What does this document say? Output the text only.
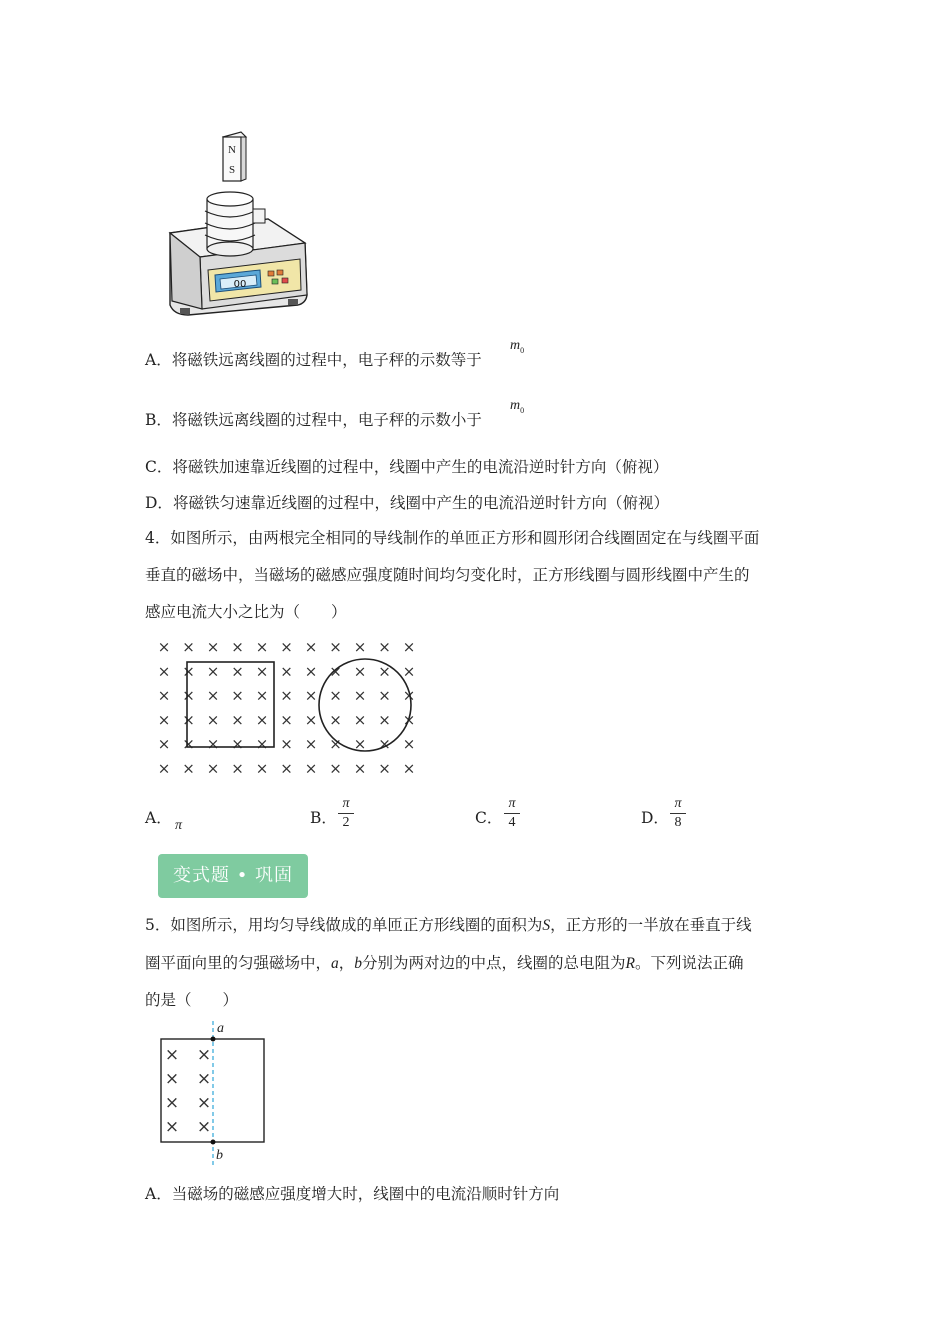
N
S
00
A．将磁铁远离线圈的过程中，电子秤的示数等于
$m_0$
B．将磁铁远离线圈的过程中，电子秤的示数小于
$m_0$
C．将磁铁加速靠近线圈的过程中，线圈中产生的电流沿逆时针方向（俯视）
D．将磁铁匀速靠近线圈的过程中，线圈中产生的电流沿逆时针方向（俯视）
4．如图所示，由两根完全相同的导线制作的单匝正方形和圆形闭合线圈固定在与线圈平面
垂直的磁场中，当磁场的磁感应强度随时间均匀变化时，正方形线圈与圆形线圈中产生的
感应电流大小之比为（　　）
× × × × × × × × × × ×
× × × × × × × × × × ×
× × × × × × × × × × ×
× × × × × × × × × × ×
× × × × × × × × × × ×
× × × × × × × × × × ×
A． π	B．
π
2	C．
π
4	D．
π
8
变式题 • 巩固
5．如图所示，用均匀导线做成的单匝正方形线圈的面积为S，正方形的一半放在垂直于线
圈平面向里的匀强磁场中，a，b分别为两对边的中点，线圈的总电阻为R。下列说法正确
的是（　　）
× ×
× ×
× ×
× ×
a
b
A．当磁场的磁感应强度增大时，线圈中的电流沿顺时针方向
